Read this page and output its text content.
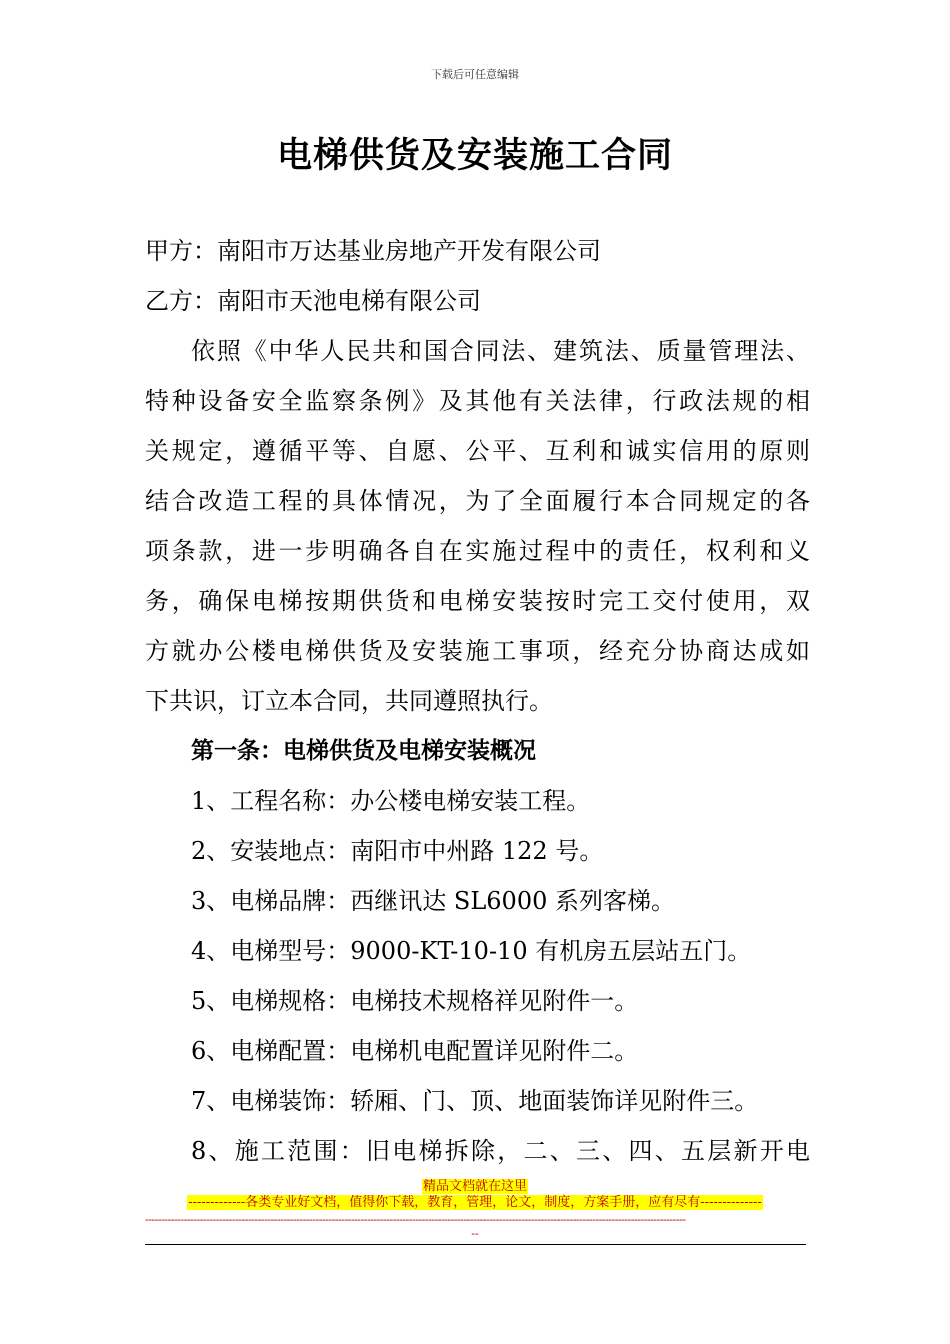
下载后可任意编辑
电梯供货及安装施工合同
甲方：南阳市万达基业房地产开发有限公司
乙方：南阳市天池电梯有限公司
依照《中华人民共和国合同法、建筑法、质量管理法、
特种设备安全监察条例》及其他有关法律，行政法规的相
关规定，遵循平等、自愿、公平、互利和诚实信用的原则
结合改造工程的具体情况，为了全面履行本合同规定的各
项条款，进一步明确各自在实施过程中的责任，权利和义
务，确保电梯按期供货和电梯安装按时完工交付使用，双
方就办公楼电梯供货及安装施工事项，经充分协商达成如
下共识，订立本合同，共同遵照执行。
第一条：电梯供货及电梯安装概况
1、工程名称：办公楼电梯安装工程。
2、安装地点：南阳市中州路 122 号。
3、电梯品牌：西继讯达 SL6000 系列客梯。
4、电梯型号：9000-KT-10-10 有机房五层站五门。
5、电梯规格：电梯技术规格祥见附件一。
6、电梯配置：电梯机电配置详见附件二。
7、电梯装饰：轿厢、门、顶、地面装饰详见附件三。
8、施工范围：旧电梯拆除，二、三、四、五层新开电
精品文档就在这里
-------------各类专业好文档，值得你下载，教育，管理，论文，制度，方案手册，应有尽有--------------
------------------------------------------------------------------------------------------------------------------------------------------------------------------------
--
